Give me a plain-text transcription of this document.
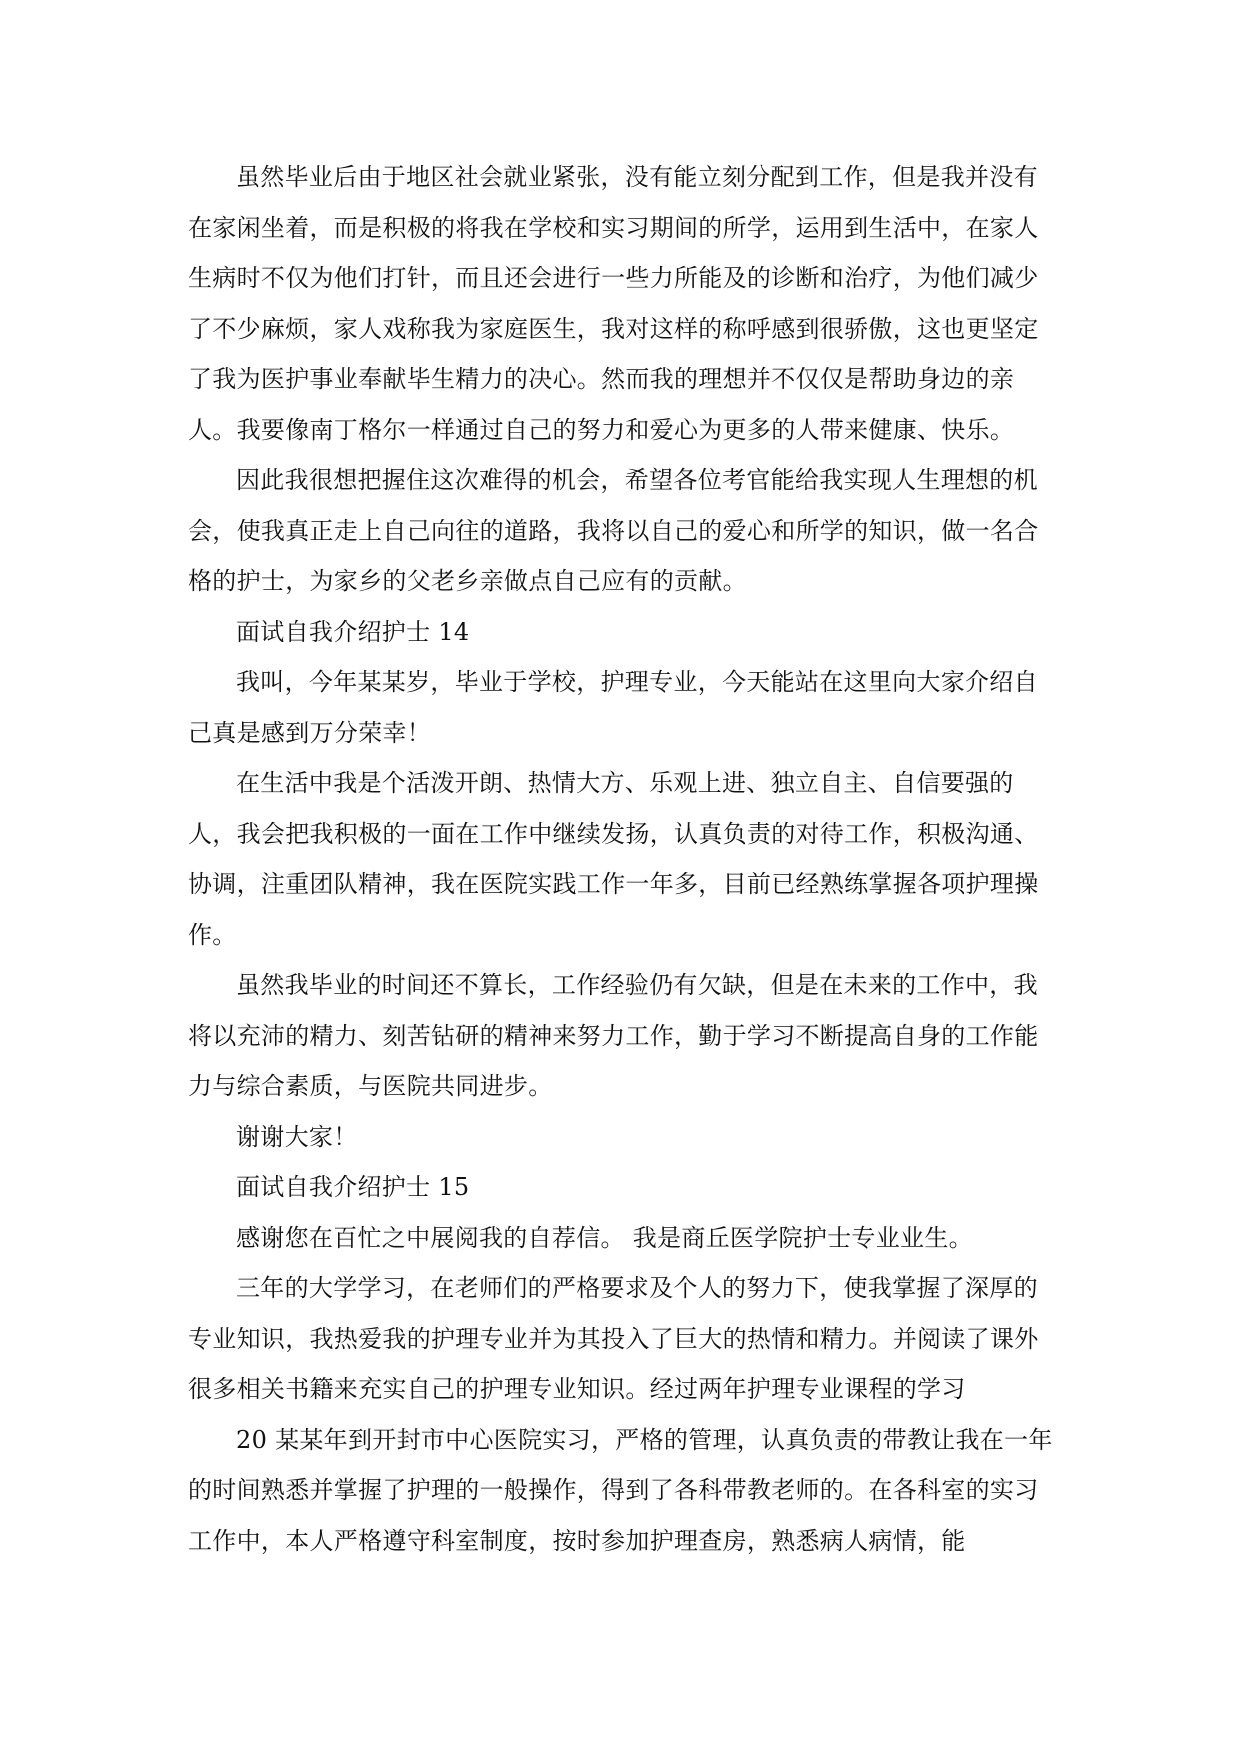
虽然毕业后由于地区社会就业紧张，没有能立刻分配到工作，但是我并没有在家闲坐着，而是积极的将我在学校和实习期间的所学，运用到生活中，在家人生病时不仅为他们打针，而且还会进行一些力所能及的诊断和治疗，为他们减少了不少麻烦，家人戏称我为家庭医生，我对这样的称呼感到很骄傲，这也更坚定了我为医护事业奉献毕生精力的决心。然而我的理想并不仅仅是帮助身边的亲人。我要像南丁格尔一样通过自己的努力和爱心为更多的人带来健康、快乐。

因此我很想把握住这次难得的机会，希望各位考官能给我实现人生理想的机会，使我真正走上自己向往的道路，我将以自己的爱心和所学的知识，做一名合格的护士，为家乡的父老乡亲做点自己应有的贡献。

面试自我介绍护士 14

我叫，今年某某岁，毕业于学校，护理专业，今天能站在这里向大家介绍自己真是感到万分荣幸！

在生活中我是个活泼开朗、热情大方、乐观上进、独立自主、自信要强的人，我会把我积极的一面在工作中继续发扬，认真负责的对待工作，积极沟通、协调，注重团队精神，我在医院实践工作一年多，目前已经熟练掌握各项护理操作。

虽然我毕业的时间还不算长，工作经验仍有欠缺，但是在未来的工作中，我将以充沛的精力、刻苦钻研的精神来努力工作，勤于学习不断提高自身的工作能力与综合素质，与医院共同进步。

谢谢大家！

面试自我介绍护士 15

感谢您在百忙之中展阅我的自荐信。 我是商丘医学院护士专业业生。

三年的大学学习，在老师们的严格要求及个人的努力下，使我掌握了深厚的专业知识，我热爱我的护理专业并为其投入了巨大的热情和精力。并阅读了课外很多相关书籍来充实自己的护理专业知识。经过两年护理专业课程的学习

20 某某年到开封市中心医院实习，严格的管理，认真负责的带教让我在一年的时间熟悉并掌握了护理的一般操作，得到了各科带教老师的。在各科室的实习工作中，本人严格遵守科室制度，按时参加护理查房，熟悉病人病情，能
